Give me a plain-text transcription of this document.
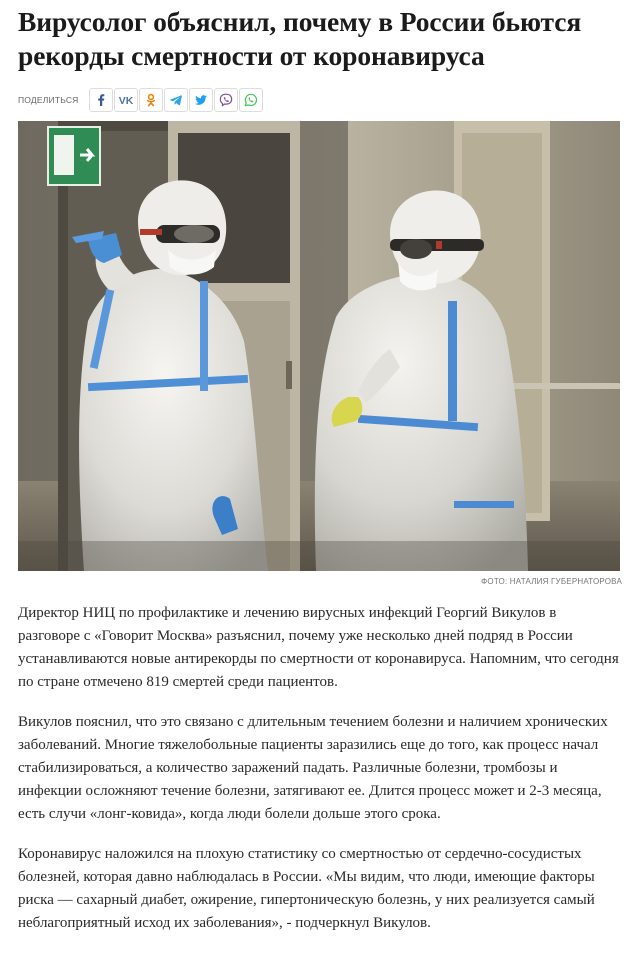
Вирусолог объяснил, почему в России бьются рекорды смертности от коронавируса
ПОДЕЛИТЬСЯ	VK
ФОТО: НАТАЛИЯ ГУБЕРНАТОРОВА

Директор НИЦ по профилактике и лечению вирусных инфекций Георгий Викулов в разговоре с «Говорит Москва» разъяснил, почему уже несколько дней подряд в России устанавливаются новые антирекорды по смертности от коронавируса. Напомним, что сегодня по стране отмечено 819 смертей среди пациентов.

Викулов пояснил, что это связано с длительным течением болезни и наличием хронических заболеваний. Многие тяжелобольные пациенты заразились еще до того, как процесс начал стабилизироваться, а количество заражений падать. Различные болезни, тромбозы и инфекции осложняют течение болезни, затягивают ее. Длится процесс может и 2-3 месяца, есть случи «лонг-ковида», когда люди болели дольше этого срока.

Коронавирус наложился на плохую статистику со смертностью от сердечно-сосудистых болезней, которая давно наблюдалась в России. «Мы видим, что люди, имеющие факторы риска — сахарный диабет, ожирение, гипертоническую болезнь, у них реализуется самый неблагоприятный исход их заболевания», - подчеркнул Викулов.
